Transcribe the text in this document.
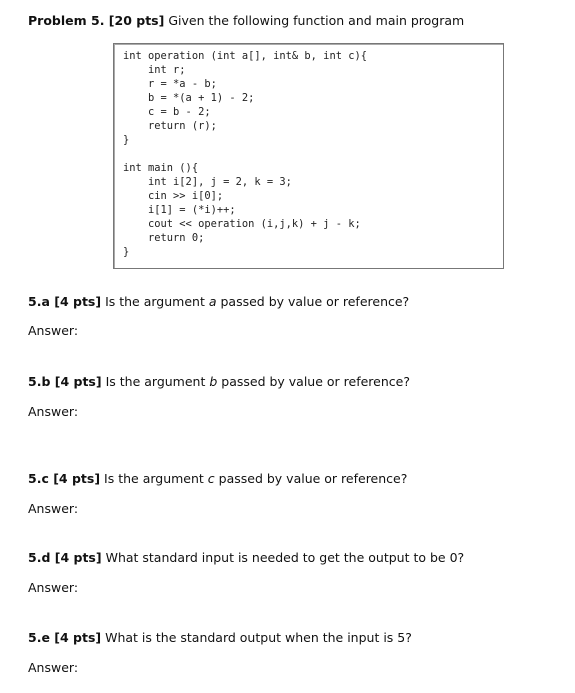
Problem 5. [20 pts] Given the following function and main program
int operation (int a[], int& b, int c){
int r;
r = *a - b;
b = *(a + 1) - 2;
c = b - 2;
return (r);
}

int main (){
int i[2], j = 2, k = 3;
cin >> i[0];
i[1] = (*i)++;
cout << operation (i,j,k) + j - k;
return 0;
}
5.a [4 pts] Is the argument a passed by value or reference?
Answer:
5.b [4 pts] Is the argument b passed by value or reference?
Answer:
5.c [4 pts] Is the argument c passed by value or reference?
Answer:
5.d [4 pts] What standard input is needed to get the output to be 0?
Answer:
5.e [4 pts] What is the standard output when the input is 5?
Answer:
